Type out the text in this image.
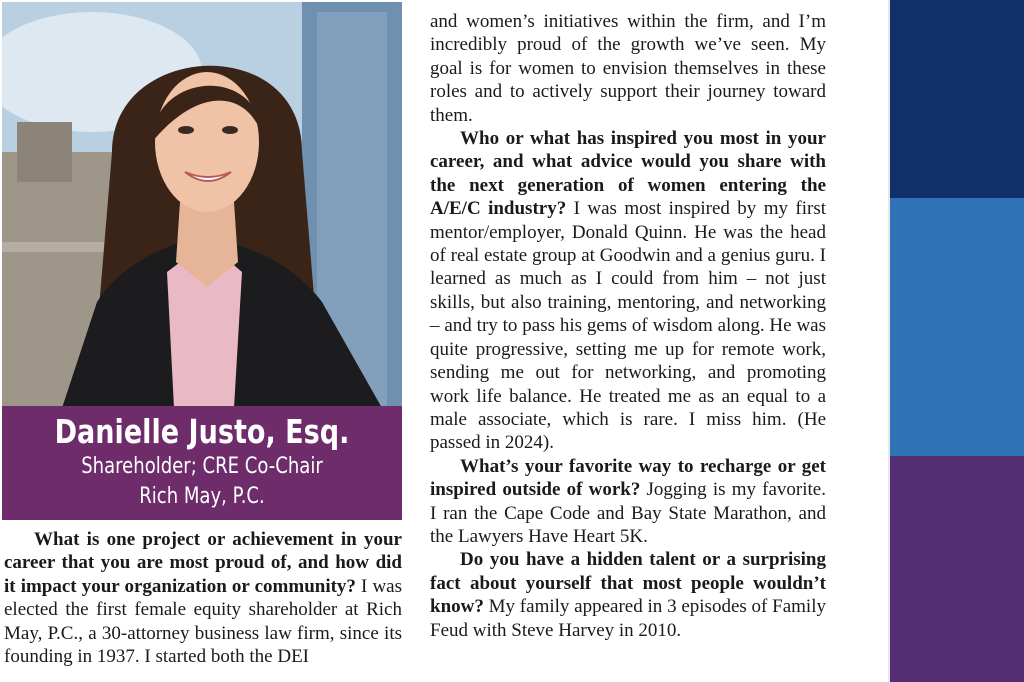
Danielle Justo, Esq.
Shareholder; CRE Co-Chair
Rich May, P.C.

What is one project or achievement in your career that you are most proud of, and how did it impact your organization or community? I was elected the first female equity shareholder at Rich May, P.C., a 30-attorney business law firm, since its founding in 1937. I started both the DEI

and women’s initiatives within the firm, and I’m incredibly proud of the growth we’ve seen. My goal is for women to envision themselves in these roles and to actively support their journey toward them.

Who or what has inspired you most in your career, and what advice would you share with the next generation of women entering the A/E/C industry? I was most inspired by my first mentor/employer, Donald Quinn. He was the head of real estate group at Goodwin and a genius guru. I learned as much as I could from him – not just skills, but also training, mentoring, and networking – and try to pass his gems of wisdom along. He was quite progressive, setting me up for remote work, sending me out for networking, and promoting work life balance. He treated me as an equal to a male associate, which is rare. I miss him. (He passed in 2024).

What’s your favorite way to recharge or get inspired outside of work? Jogging is my favorite. I ran the Cape Code and Bay State Marathon, and the Lawyers Have Heart 5K.

Do you have a hidden talent or a surprising fact about yourself that most people wouldn’t know? My family appeared in 3 episodes of Family Feud with Steve Harvey in 2010.
